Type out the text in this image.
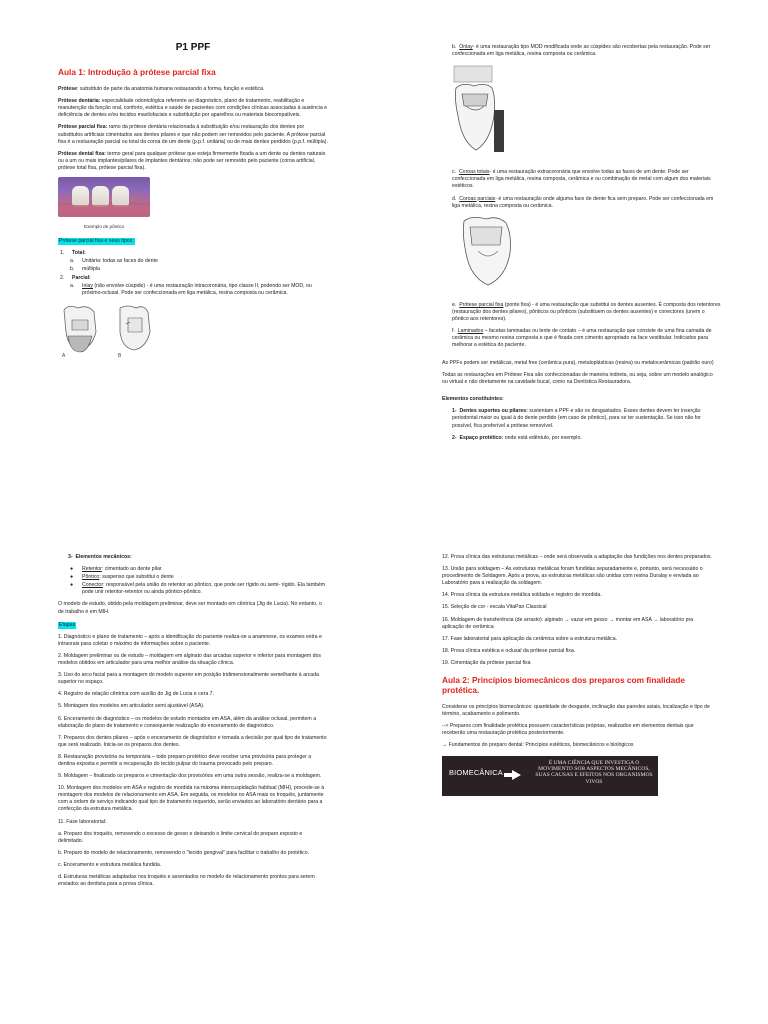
P1 PPF
Aula 1: Introdução à prótese parcial fixa

Prótese: substituto de parte da anatomia humana restaurando a forma, função e estética.

Prótese dentária: especialidade odontológica referente ao diagnóstico, plano de tratamento, reabilitação e manutenção da função oral, conforto, estética e saúde de pacientes com condições clínicas associadas à ausência e deficiência de dentes e/ou tecidos maxilofaciais e substituição por aparelhos ou materiais biocompatíveis.

Prótese parcial fixa: ramo da prótese dentária relacionada à substituição e/ou restauração dos dentes por substitutos artificiais cimentados aos dentes pilares e que não podem ser removidos pelo paciente. A prótese parcial fixa é a restauração parcial ou total da coroa de um dente (p.p.f. unitária) ou de mais dentes perdidos (p.p.f. múltipla).

Prótese dental fixa: termo geral para qualquer prótese que esteja firmemente fixada a um dente ou dentes naturais ou a um ou mais implantes/pilares de implantes dentários; não pode ser removido pelo paciente (coroa artificial, prótese total fixa, prótese parcial fixa).

Exemplo de pôntico

Prótese parcial fixa e seus tipos:

1. Total:
a. Unitária: todas as faces do dente
b. múltipla
2. Parcial:
a. Inlay (não envolve cúspide) - é uma restauração intracoronária, tipo classe II, podendo ser MOD, ou próximo-oclusal. Pode ser confeccionada em liga metálica, resina composta ou cerâmica.
A	B

b. Onlay- é uma restauração tipo MOD modificada onde as cúspides são recobertas pela restauração. Pode ser confeccionada em liga metálica, resina composta ou cerâmica.

c. Coroas totais- é uma restauração extracoronária que envolve todas as faces de um dente. Pode ser confeccionada em liga metálica, resina composta, cerâmica e ou combinação de metal com algum dos materiais estéticos.

d. Coroas parciais- é uma restauração onde alguma face de dente fica sem preparo. Pode ser confeccionada em liga metálica, resina composta ou cerâmica.

e. Prótese parcial fixa (ponte fixa) - é uma restauração que substitui os dentes ausentes. É composta dos retentores (restauração dos dentes pilares), pônticos ou pônticos (substituem os dentes ausentes) e conectores (unem o pôntico aos retentores).

f. Laminados – facetas laminadas ou lente de contato – é uma restauração que consiste de uma fina camada de cerâmica ou mesmo resina composta e que é fixada com cimento apropriado na face vestibular. Indicados para melhorar a estética do paciente.

As PPFs podem ser metálicas, metal free (cerâmica pura), metaloplásticas (resina) ou metalocerâmicas (padrão ouro)

Todas as restaurações em Prótese Fixa são confeccionadas de maneira indireta, ou seja, sobre um modelo analógico ou virtual e não diretamente na cavidade bucal, como na Dentística Restauradora.

Elementos constituintes:

1- Dentes suportes ou pilares: sustentam a PPF e são os desgastados. Esses dentes devem ter inserção periodontal maior ou igual à do dente perdido (em caso de pôntico), para se ter sustentação. Se isso não for possível, fica preferível a prótese removível.

2- Espaço protético: onde está edêntulo, por exemplo.

3- Elementos mecânicos:

● Retentor: cimentado ao dente pilar
● Pôntico: suspenso que substitui o dente
● Conector: responsável pela união do retentor ao pôntico, que pode ser rígido ou semi- rígido. Ela também pode unir retentor-retentor ou ainda pôntico-pôntico.

O modelo de estudo, obtido pela moldagem preliminar, deve ser montado em cêntrica (Jig de Lucia). No entanto, o de trabalho é em MIH.

Etapas

1. Diagnóstico e plano de tratamento – após a identificação do paciente realiza-se a anamnese, os exames extra e intraorais para coletar o máximo de informações sobre o paciente.

2. Moldagem preliminar ou de estudo – moldagem em alginato das arcadas superior e inferior para montagem dos modelos obtidos em articulador para uma melhor análise da situação clínica.

3. Uso do arco facial para a montagem do modelo superior em posição tridimensionalmente semelhante à arcada superior no espaço.

4. Registro de relação cêntrica com auxílio do Jig de Lucia e cera 7.

5. Montagem dos modelos em articulador semi ajustável (ASA).

6. Enceramento de diagnóstico – os modelos de estudo montados em ASA, além da análise oclusal, permitem a elaboração do plano de tratamento e consequente realização do enceramento de diagnóstico.

7. Preparos dos dentes pilares – após o enceramento de diagnóstico e tomada a decisão por qual tipo de tratamento que será realizado. Inicia-se os preparos dos dentes.

8. Restauração provisória ou temporária – todo preparo protético deve receber uma provisória para proteger a dentina exposta e permitir a recuperação do tecido pulpar do trauma provocado pelo preparo.

9. Moldagem – finalizado os preparos e cimentação dos provisórios em uma outra sessão, realiza-se a moldagem.

10. Montagem dos modelos em ASA e registro de mordida na máxima intercuspidação habitual (MIH), procede-se à montagem dos modelos de relacionamento em ASA. Em seguida, os modelos no ASA mais os troquéis, juntamente com a ordem de serviço indicando qual tipo de tratamento requerido, serão enviados ao laboratório dentário para a confecção da estrutura metálica.

11. Fase laboratorial:

a. Preparo dos troquéis, removendo o excesso de gesso e deixando o limite cervical do preparo exposto e delimitado.

b. Preparo do modelo de relacionamento, removendo o "tecido gengival" para facilitar o trabalho do protético.

c. Enceramento e estrutura metálica fundida.

d. Estruturas metálicas adaptadas nos troquéis e assentados no modelo de relacionamento prontos para serem enviados ao dentista para a prova clínica.

12. Prova clínica das estruturas metálicas – onde será observada a adaptação das fundições nos dentes preparados.

13. União para soldagem – As estruturas metálicas foram fundidas separadamente e, portanto, será necessário o procedimento de Soldagem. Após a prova, as estruturas metálicas são unidas com resina Duralay e enviada ao Laboratório para a realização da soldagem.

14. Prova clínica da estrutura metálica soldada e registro de mordida.

15. Seleção de cor - escala VitaPan Classical

16. Moldagem de transferência (de arrasto): alginato → vazar em gesso → montar em ASA → laboratório pra aplicação de cerâmica

17. Fase laboratorial para aplicação da cerâmica sobre a estrutura metálica.

18. Prova clínica estética e oclusal da prótese parcial fixa.

19. Cimentação da prótese parcial fixa

Aula 2: Princípios biomecânicos dos preparos com finalidade protética.

Considerar os princípios biomecânicos: quantidade de desgaste, inclinação das paredes axiais, localização e tipo de término, acabamento e polimento.

--> Preparos com finalidade protética possuem características próprias, realizados em elementos dentais que receberão uma restauração protética posteriormente.

→ Fundamentos do preparo dental: Princípios estéticos, biomecânicos e biológicos

BIOMECÂNICA
É UMA CIÊNCIA QUE INVESTIGA O MOVIMENTO SOB ASPECTOS MECÂNICOS, SUAS CAUSAS E EFEITOS NOS ORGANISMOS VIVOS
